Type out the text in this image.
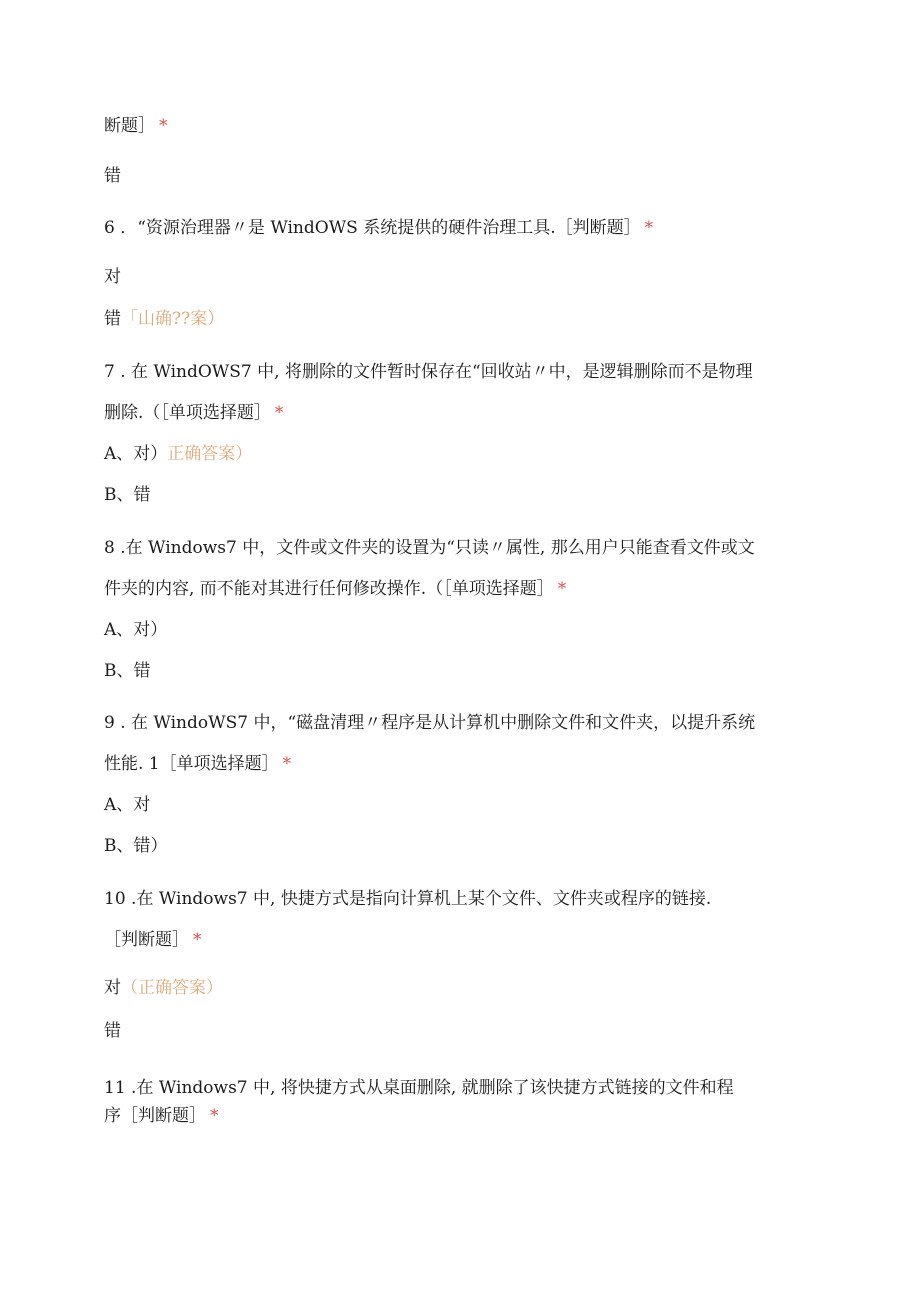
断题］ *
错
6 ．“资源治理器〃是 WindOWS 系统提供的硬件治理工具.［判断题］ *
对
错「山确??案）
7 . 在 WindOWS7 中, 将删除的文件暂时保存在“回收站〃中，是逻辑删除而不是物理
删除.（［单项选择题］ *
A、对）正确答案）
B、错
8 .在 Windows7 中，文件或文件夹的设置为“只读〃属性, 那么用户只能查看文件或文
件夹的内容, 而不能对其进行任何修改操作.（［单项选择题］ *
A、对）
B、错
9 . 在 WindoWS7 中，“磁盘清理〃程序是从计算机中删除文件和文件夹，以提升系统
性能. 1［单项选择题］ *
A、对
B、错）
10 .在 Windows7 中, 快捷方式是指向计算机上某个文件、文件夹或程序的链接.
［判断题］ *
对（正确答案）
错
11 .在 Windows7 中, 将快捷方式从桌面删除, 就删除了该快捷方式链接的文件和程
序［判断题］ *
